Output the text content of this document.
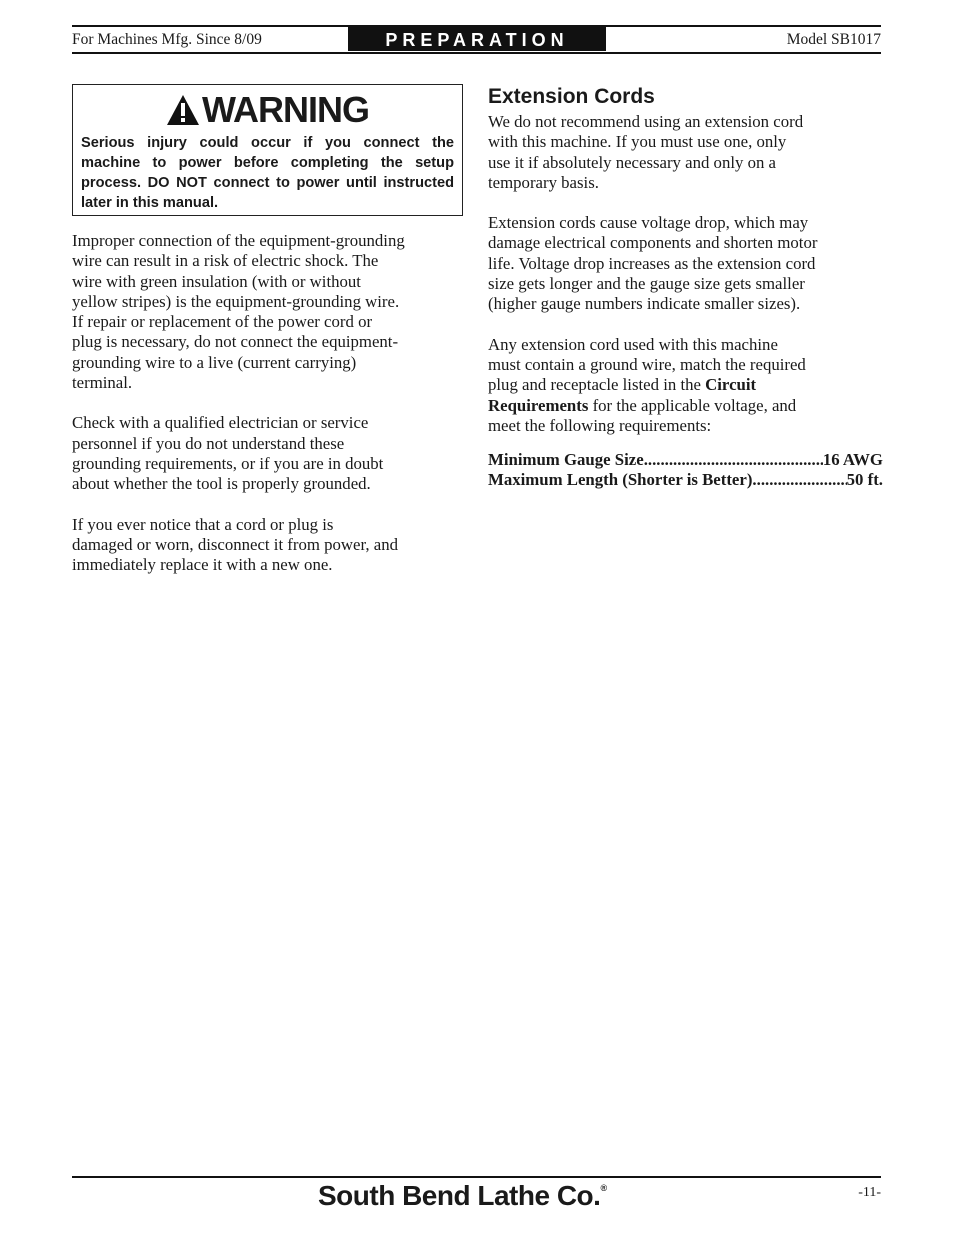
For Machines Mfg. Since 8/09	PREPARATION	Model SB1017
WARNING
Serious injury could occur if you connect the machine to power before completing the setup process. DO NOT connect to power until instructed later in this manual.

Improper connection of the equipment-grounding
wire can result in a risk of electric shock. The
wire with green insulation (with or without
yellow stripes) is the equipment-grounding wire.
If repair or replacement of the power cord or
plug is necessary, do not connect the equipment-
grounding wire to a live (current carrying)
terminal.

Check with a qualified electrician or service
personnel if you do not understand these
grounding requirements, or if you are in doubt
about whether the tool is properly grounded.

If you ever notice that a cord or plug is
damaged or worn, disconnect it from power, and
immediately replace it with a new one.

Extension Cords

We do not recommend using an extension cord
with this machine. If you must use one, only
use it if absolutely necessary and only on a
temporary basis.

Extension cords cause voltage drop, which may
damage electrical components and shorten motor
life. Voltage drop increases as the extension cord
size gets longer and the gauge size gets smaller
(higher gauge numbers indicate smaller sizes).

Any extension cord used with this machine
must contain a ground wire, match the required
plug and receptacle listed in the Circuit
Requirements for the applicable voltage, and
meet the following requirements:

Minimum Gauge Size .....	16 AWG
Maximum Length (Shorter is Better) .....	50 ft.
South Bend Lathe Co.®	-11-
